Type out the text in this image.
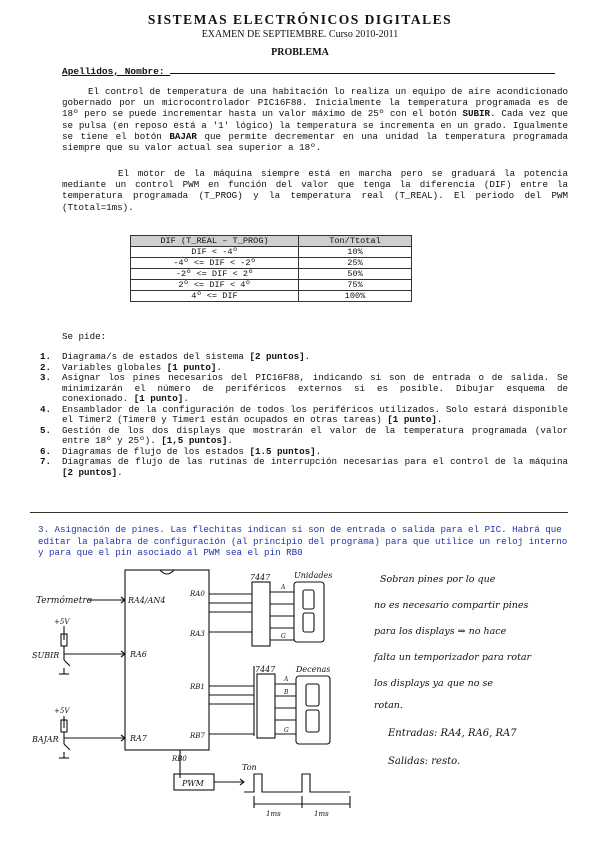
SISTEMAS ELECTRÓNICOS DIGITALES
EXAMEN DE SEPTIEMBRE. Curso 2010-2011
PROBLEMA
Apellidos, Nombre:
El control de temperatura de una habitación lo realiza un equipo de aire acondicionado gobernado por un microcontrolador PIC16F88. Inicialmente la temperatura programada es de 18º pero se puede incrementar hasta un valor máximo de 25º con el botón SUBIR. Cada vez que se pulsa (en reposo está a '1' lógico) la temperatura se incrementa en un grado. Igualmente se tiene el botón BAJAR que permite decrementar en una unidad la temperatura programada siempre que su valor actual sea superior a 18º.
El motor de la máquina siempre está en marcha pero se graduará la potencia mediante un control PWM en función del valor que tenga la diferencia (DIF) entre la temperatura programada (T_PROG) y la temperatura real (T_REAL). El periodo del PWM (Ttotal=1ms).
DIF (T_REAL – T_PROG)	Ton/Ttotal
DIF < -4º	10%
-4º <= DIF < -2º	25%
-2º <= DIF < 2º	50%
2º <= DIF < 4º	75%
4º <= DIF	100%
Se pide:
1. Diagrama/s de estados del sistema [2 puntos].
2. Variables globales [1 punto].
3. Asignar los pines necesarios del PIC16F88, indicando si son de entrada o de salida. Se minimizarán el número de periféricos externos si es posible. Dibujar esquema de conexionado. [1 punto].
4. Ensamblador de la configuración de todos los periféricos utilizados. Solo estará disponible el Timer2 (Timer0 y Timer1 están ocupados en otras tareas) [1 punto].
5. Gestión de los dos displays que mostrarán el valor de la temperatura programada (valor entre 18º y 25º). [1,5 puntos].
6. Diagramas de flujo de los estados [1.5 puntos].
7. Diagramas de flujo de las rutinas de interrupción necesarias para el control de la máquina [2 puntos].
3. Asignación de pines. Las flechitas indican si son de entrada o salida para el PIC. Habrá que editar la palabra de configuración (al principio del programa) para que utilice un reloj interno y para que el pin asociado al PWM sea el pin RB0
Termómetro	RA4/AN4
+5V
SUBIR	RA6
+5V
BAJAR	RA7
RA0
RA3
RB1
RB7
RB0
PWM
Ton
1ms	1ms
7447
7447
Unidades
Decenas
A
G
A
B
G
Sobran pines por lo que
no es necesario compartir pines
para los displays ⇒ no hace
falta un temporizador para rotar
los displays ya que no se
rotan.
Entradas: RA4, RA6, RA7
Salidas: resto.
